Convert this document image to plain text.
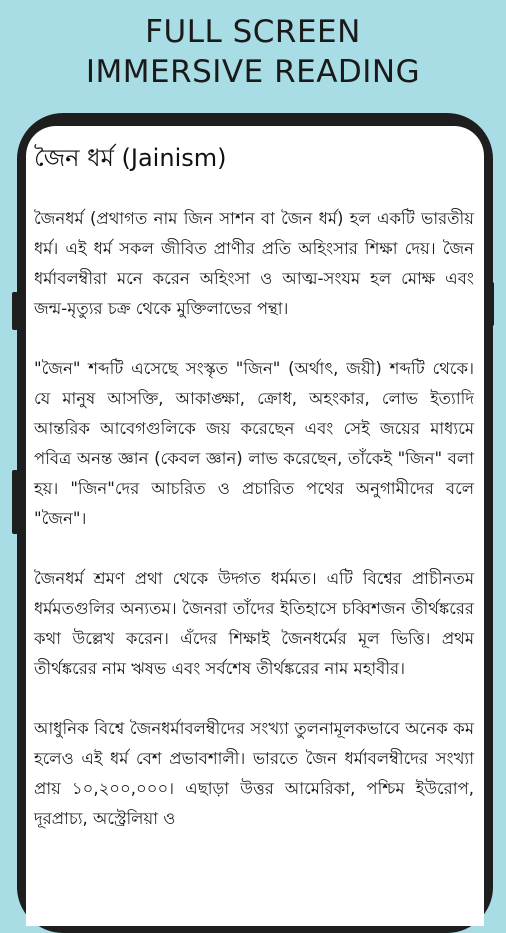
FULL SCREEN
IMMERSIVE READING
জৈন ধর্ম (Jainism)

জৈনধর্ম (প্রথাগত নাম জিন সাশন বা জৈন ধর্ম) হল একটি ভারতীয় ধর্ম। এই ধর্ম সকল জীবিত প্রাণীর প্রতি অহিংসার শিক্ষা দেয়। জৈন ধর্মাবলম্বীরা মনে করেন অহিংসা ও আত্ম-সংযম হল মোক্ষ এবং জন্ম-মৃত্যুর চক্র থেকে মুক্তিলাভের পন্থা।

"জৈন" শব্দটি এসেছে সংস্কৃত "জিন" (অর্থাৎ, জয়ী) শব্দটি থেকে। যে মানুষ আসক্তি, আকাঙ্ক্ষা, ক্রোধ, অহংকার, লোভ ইত্যাদি আন্তরিক আবেগগুলিকে জয় করেছেন এবং সেই জয়ের মাধ্যমে পবিত্র অনন্ত জ্ঞান (কেবল জ্ঞান) লাভ করেছেন, তাঁকেই "জিন" বলা হয়। "জিন"দের আচরিত ও প্রচারিত পথের অনুগামীদের বলে "জৈন"।

জৈনধর্ম শ্রমণ প্রথা থেকে উদ্গত ধর্মমত। এটি বিশ্বের প্রাচীনতম ধর্মমতগুলির অন্যতম। জৈনরা তাঁদের ইতিহাসে চব্বিশজন তীর্থঙ্করের কথা উল্লেখ করেন। এঁদের শিক্ষাই জৈনধর্মের মূল ভিত্তি। প্রথম তীর্থঙ্করের নাম ঋষভ এবং সর্বশেষ তীর্থঙ্করের নাম মহাবীর।

আধুনিক বিশ্বে জৈনধর্মাবলম্বীদের সংখ্যা তুলনামূলকভাবে অনেক কম হলেও এই ধর্ম বেশ প্রভাবশালী। ভারতে জৈন ধর্মাবলম্বীদের সংখ্যা প্রায় ১০,২০০,০০০। এছাড়া উত্তর আমেরিকা, পশ্চিম ইউরোপ, দূরপ্রাচ্য, অস্ট্রেলিয়া ও
